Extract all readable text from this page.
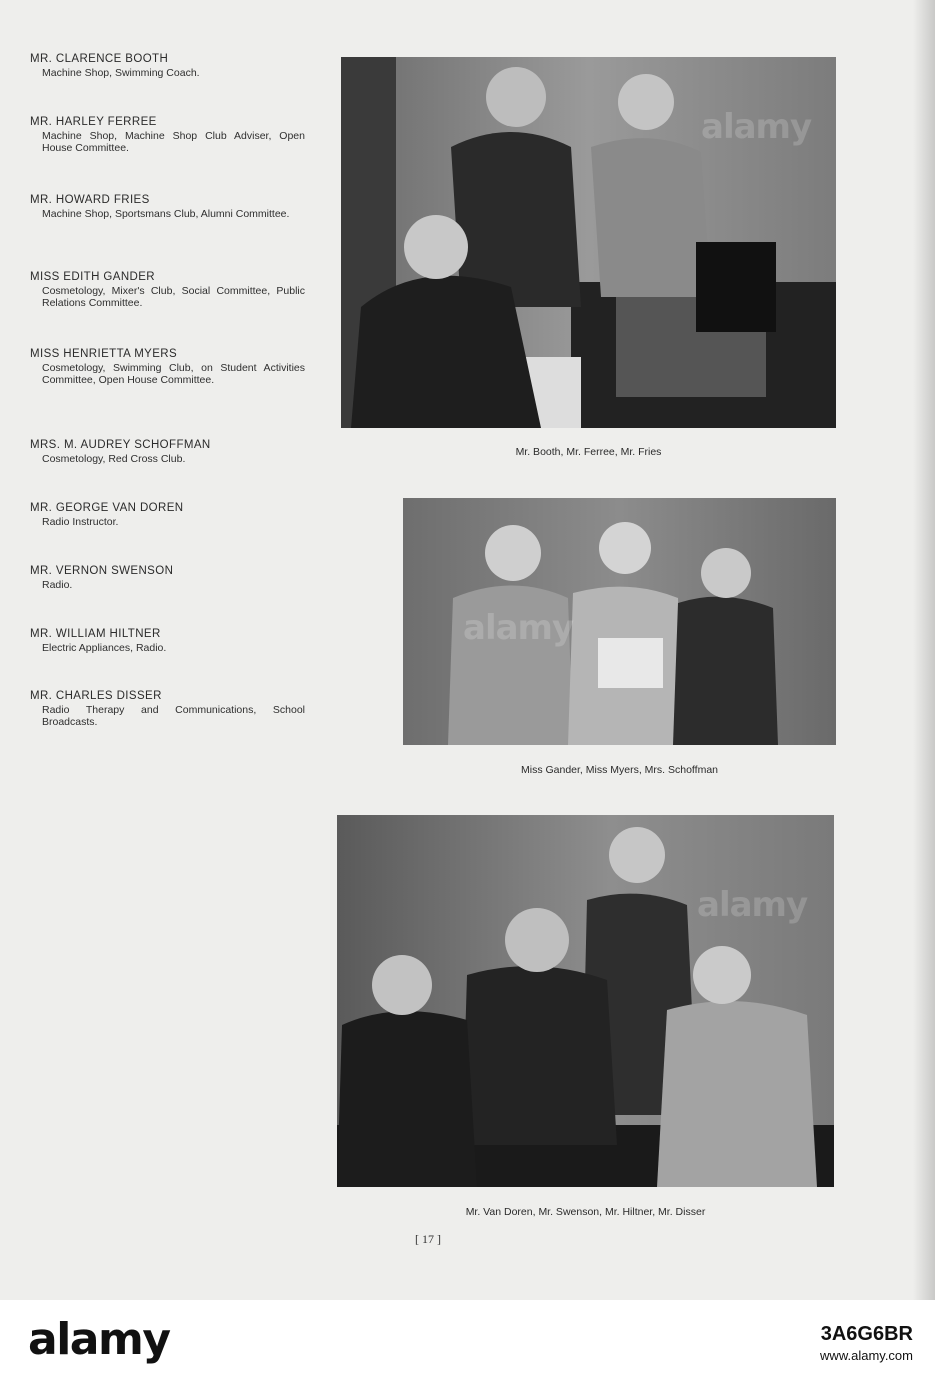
MR. CLARENCE BOOTH
Machine Shop, Swimming Coach.
MR. HARLEY FERREE
Machine Shop, Machine Shop Club Adviser, Open House Committee.
MR. HOWARD FRIES
Machine Shop, Sportsmans Club, Alumni Committee.
MISS EDITH GANDER
Cosmetology, Mixer's Club, Social Committee, Public Relations Committee.
MISS HENRIETTA MYERS
Cosmetology, Swimming Club, on Student Activities Committee, Open House Committee.
MRS. M. AUDREY SCHOFFMAN
Cosmetology, Red Cross Club.
MR. GEORGE VAN DOREN
Radio Instructor.
MR. VERNON SWENSON
Radio.
MR. WILLIAM HILTNER
Electric Appliances, Radio.
MR. CHARLES DISSER
Radio Therapy and Communications, School Broadcasts.
alamy
Mr. Booth, Mr. Ferree, Mr. Fries
alamy
Miss Gander, Miss Myers, Mrs. Schoffman
alamy
Mr. Van Doren, Mr. Swenson, Mr. Hiltner, Mr. Disser
[ 17 ]
alamy	3A6G6BR
www.alamy.com
